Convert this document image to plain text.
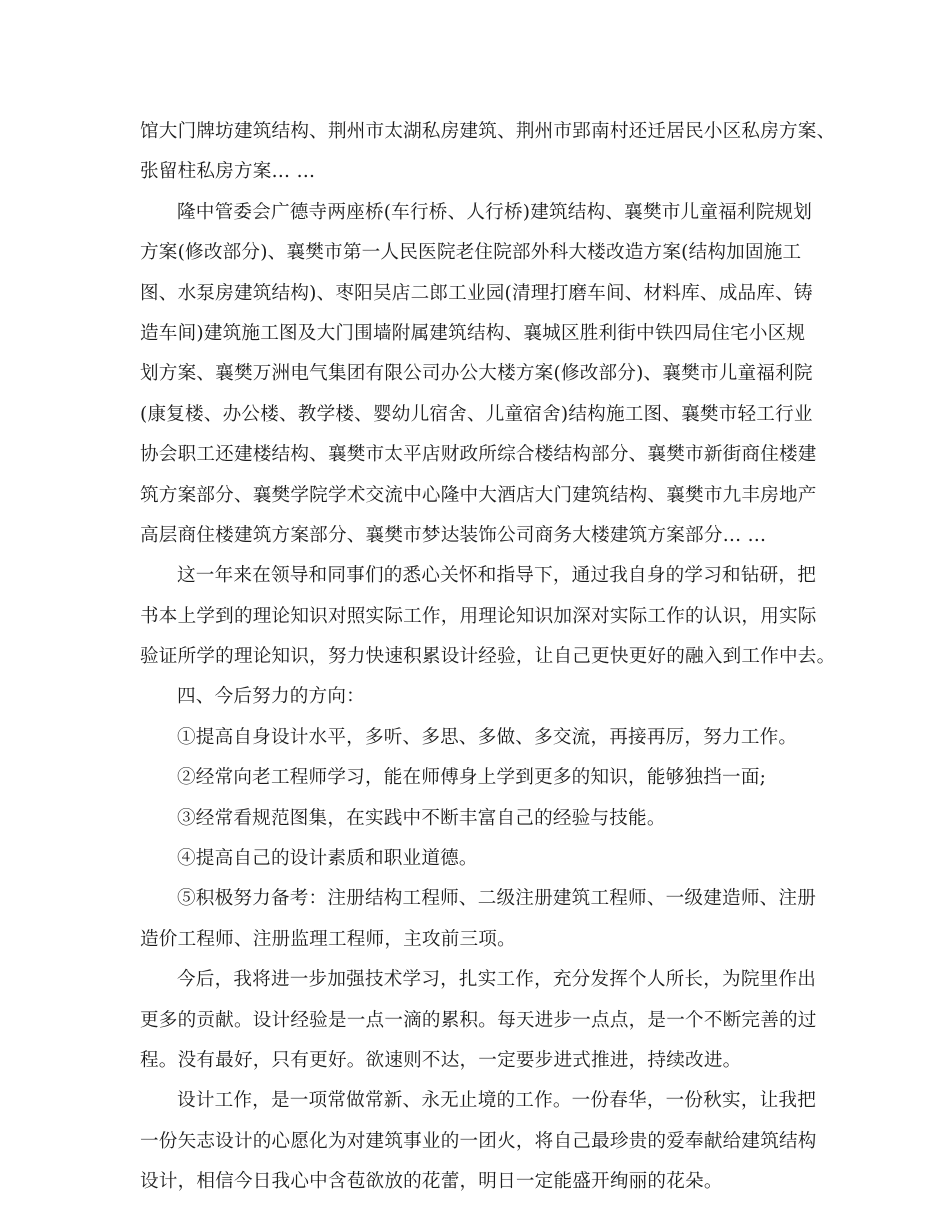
馆大门牌坊建筑结构、荆州市太湖私房建筑、荆州市郢南村还迁居民小区私房方案、
张留柱私房方案… …
隆中管委会广德寺两座桥(车行桥、人行桥)建筑结构、襄樊市儿童福利院规划
方案(修改部分)、襄樊市第一人民医院老住院部外科大楼改造方案(结构加固施工
图、水泵房建筑结构)、枣阳吴店二郎工业园(清理打磨车间、材料库、成品库、铸
造车间)建筑施工图及大门围墙附属建筑结构、襄城区胜利街中铁四局住宅小区规
划方案、襄樊万洲电气集团有限公司办公大楼方案(修改部分)、襄樊市儿童福利院
(康复楼、办公楼、教学楼、婴幼儿宿舍、儿童宿舍)结构施工图、襄樊市轻工行业
协会职工还建楼结构、襄樊市太平店财政所综合楼结构部分、襄樊市新街商住楼建
筑方案部分、襄樊学院学术交流中心隆中大酒店大门建筑结构、襄樊市九丰房地产
高层商住楼建筑方案部分、襄樊市梦达装饰公司商务大楼建筑方案部分… …
这一年来在领导和同事们的悉心关怀和指导下，通过我自身的学习和钻研，把
书本上学到的理论知识对照实际工作，用理论知识加深对实际工作的认识，用实际
验证所学的理论知识，努力快速积累设计经验，让自己更快更好的融入到工作中去。
四、今后努力的方向：
①提高自身设计水平，多听、多思、多做、多交流，再接再厉，努力工作。
②经常向老工程师学习，能在师傅身上学到更多的知识，能够独挡一面;
③经常看规范图集，在实践中不断丰富自己的经验与技能。
④提高自己的设计素质和职业道德。
⑤积极努力备考：注册结构工程师、二级注册建筑工程师、一级建造师、注册
造价工程师、注册监理工程师，主攻前三项。
今后，我将进一步加强技术学习，扎实工作，充分发挥个人所长，为院里作出
更多的贡献。设计经验是一点一滴的累积。每天进步一点点，是一个不断完善的过
程。没有最好，只有更好。欲速则不达，一定要步进式推进，持续改进。
设计工作，是一项常做常新、永无止境的工作。一份春华，一份秋实，让我把
一份矢志设计的心愿化为对建筑事业的一团火，将自己最珍贵的爱奉献给建筑结构
设计，相信今日我心中含苞欲放的花蕾，明日一定能盛开绚丽的花朵。
